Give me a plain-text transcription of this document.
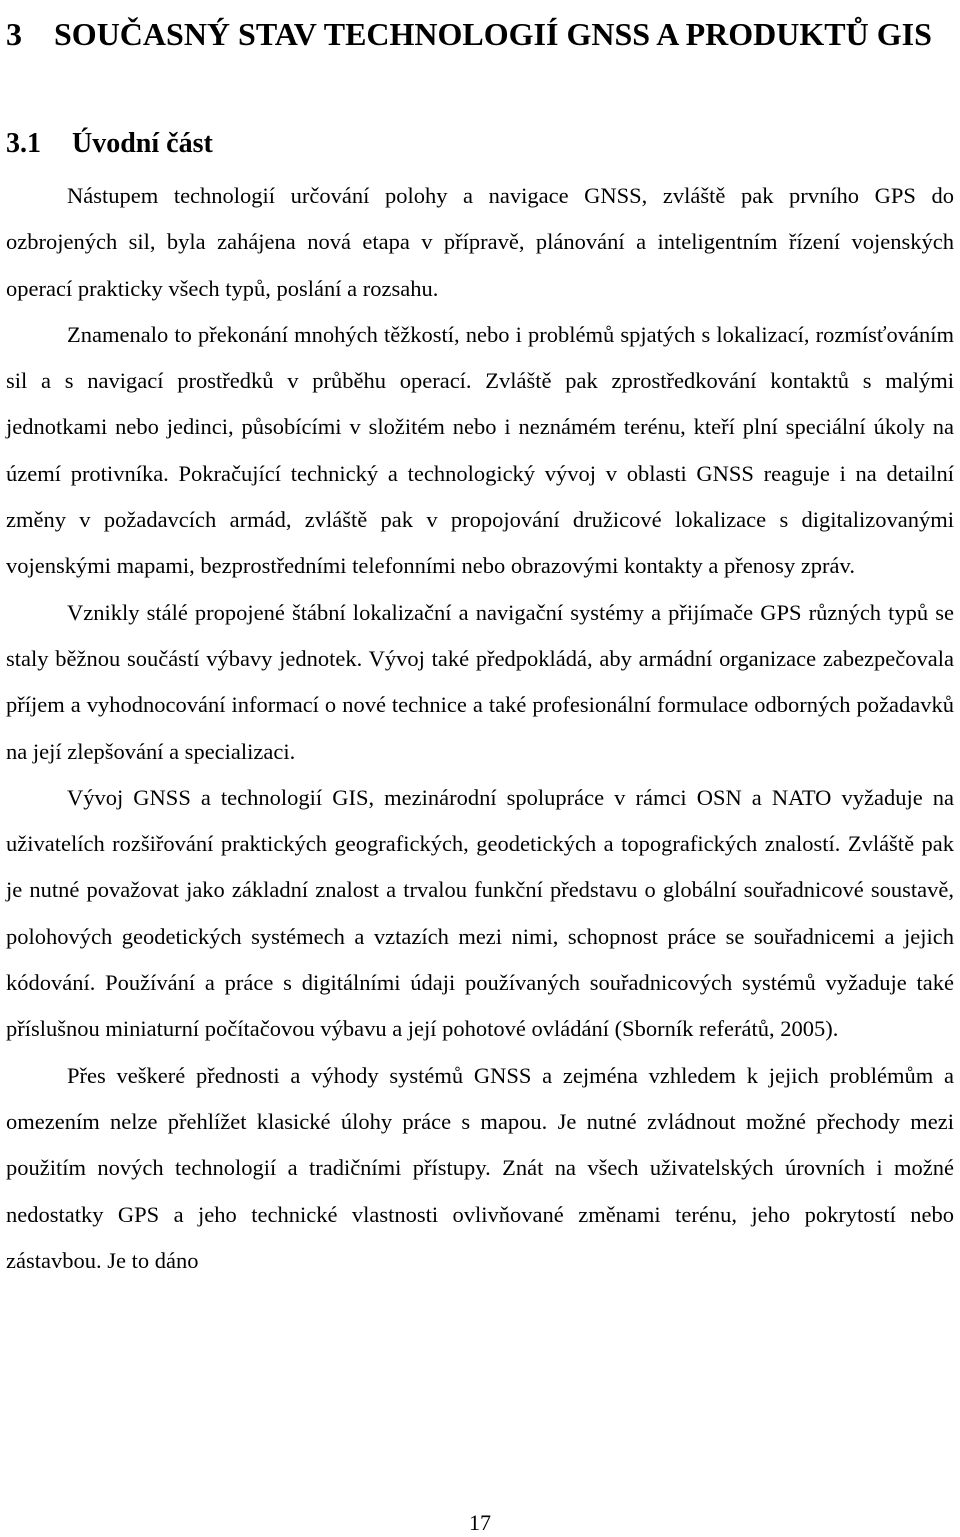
3	SOUČASNÝ STAV TECHNOLOGIÍ GNSS A PRODUKTŮ GIS
3.1 Úvodní část

Nástupem technologií určování polohy a navigace GNSS, zvláště pak prvního GPS do ozbrojených sil, byla zahájena nová etapa v přípravě, plánování a inteligentním řízení vojenských operací prakticky všech typů, poslání a rozsahu.

Znamenalo to překonání mnohých těžkostí, nebo i problémů spjatých s lokalizací, rozmísťováním sil a s navigací prostředků v průběhu operací. Zvláště pak zprostředkování kontaktů s malými jednotkami nebo jedinci, působícími v složitém nebo i neznámém terénu, kteří plní speciální úkoly na území protivníka. Pokračující technický a technologický vývoj v oblasti GNSS reaguje i na detailní změny v požadavcích armád, zvláště pak v propojování družicové lokalizace s digitalizovanými vojenskými mapami, bezprostředními telefonními nebo obrazovými kontakty a přenosy zpráv.

Vznikly stálé propojené štábní lokalizační a navigační systémy a přijímače GPS různých typů se staly běžnou součástí výbavy jednotek. Vývoj také předpokládá, aby armádní organizace zabezpečovala příjem a vyhodnocování informací o nové technice a také profesionální formulace odborných požadavků na její zlepšování a specializaci.

Vývoj GNSS a technologií GIS, mezinárodní spolupráce v rámci OSN a NATO vyžaduje na uživatelích rozšiřování praktických geografických, geodetických a topografických znalostí. Zvláště pak je nutné považovat jako základní znalost a trvalou funkční představu o globální souřadnicové soustavě, polohových geodetických systémech a vztazích mezi nimi, schopnost práce se souřadnicemi a jejich kódování. Používání a práce s digitálními údaji používaných souřadnicových systémů vyžaduje také příslušnou miniaturní počítačovou výbavu a její pohotové ovládání (Sborník referátů, 2005).

Přes veškeré přednosti a výhody systémů GNSS a zejména vzhledem k jejich problémům a omezením nelze přehlížet klasické úlohy práce s mapou. Je nutné zvládnout možné přechody mezi použitím nových technologií a tradičními přístupy. Znát na všech uživatelských úrovních i možné nedostatky GPS a jeho technické vlastnosti ovlivňované změnami terénu, jeho pokrytostí nebo zástavbou. Je to dáno

17
